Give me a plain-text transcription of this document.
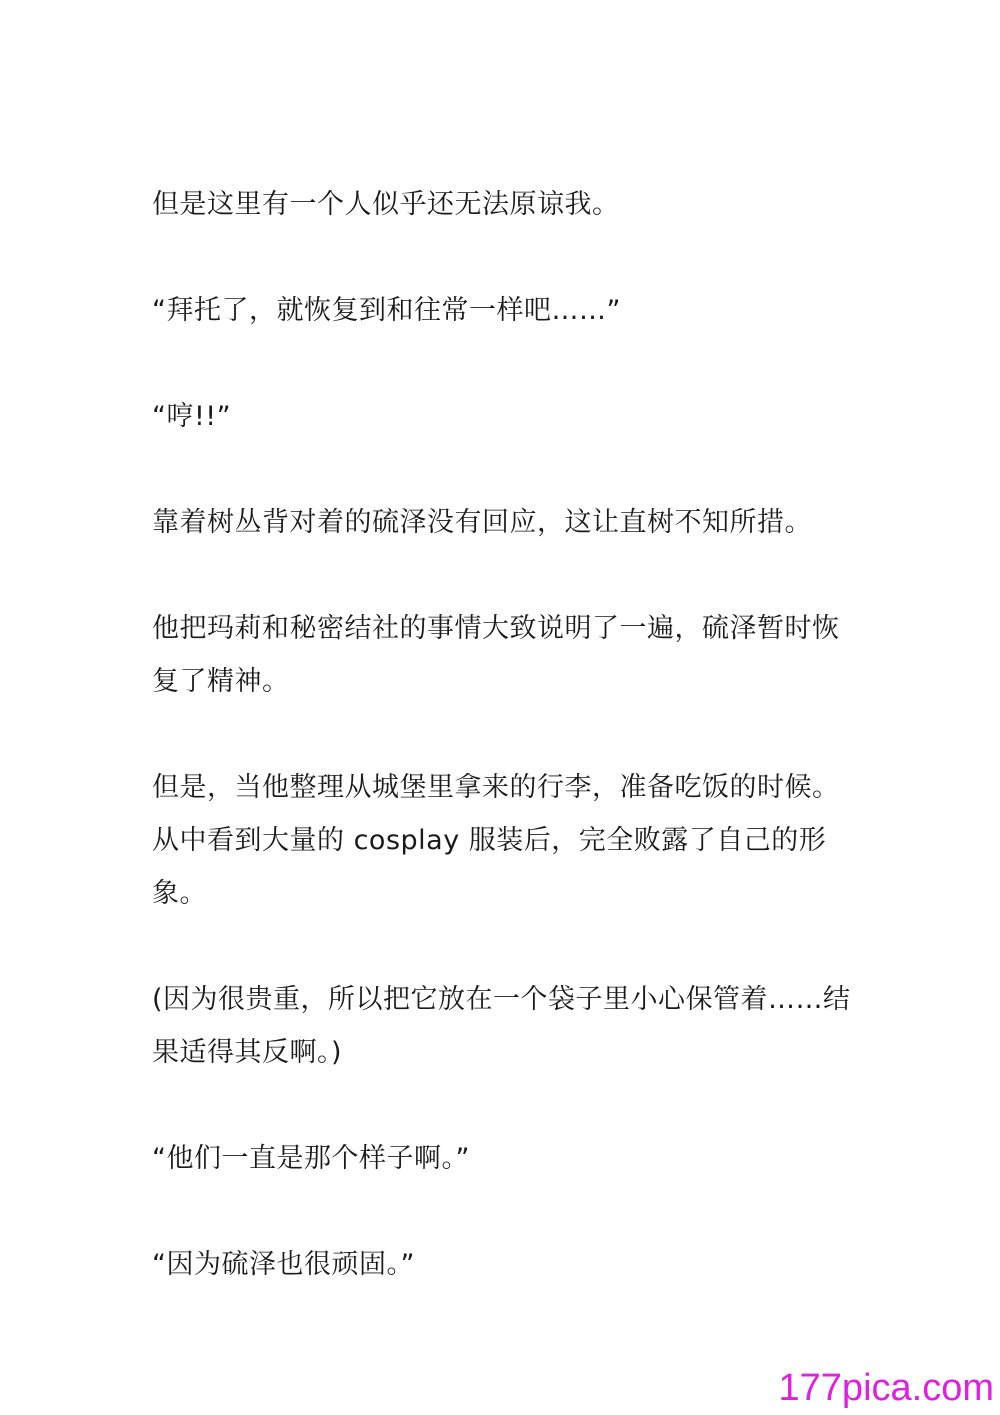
但是这里有一个人似乎还无法原谅我。

“拜托了，就恢复到和往常一样吧……”

“哼!!”

靠着树丛背对着的硫泽没有回应，这让直树不知所措。

他把玛莉和秘密结社的事情大致说明了一遍，硫泽暂时恢复了精神。

但是，当他整理从城堡里拿来的行李，准备吃饭的时候。从中看到大量的 cosplay 服装后，完全败露了自己的形象。

(因为很贵重，所以把它放在一个袋子里小心保管着……结果适得其反啊。)

“他们一直是那个样子啊。”

“因为硫泽也很顽固。”

177pica.com
